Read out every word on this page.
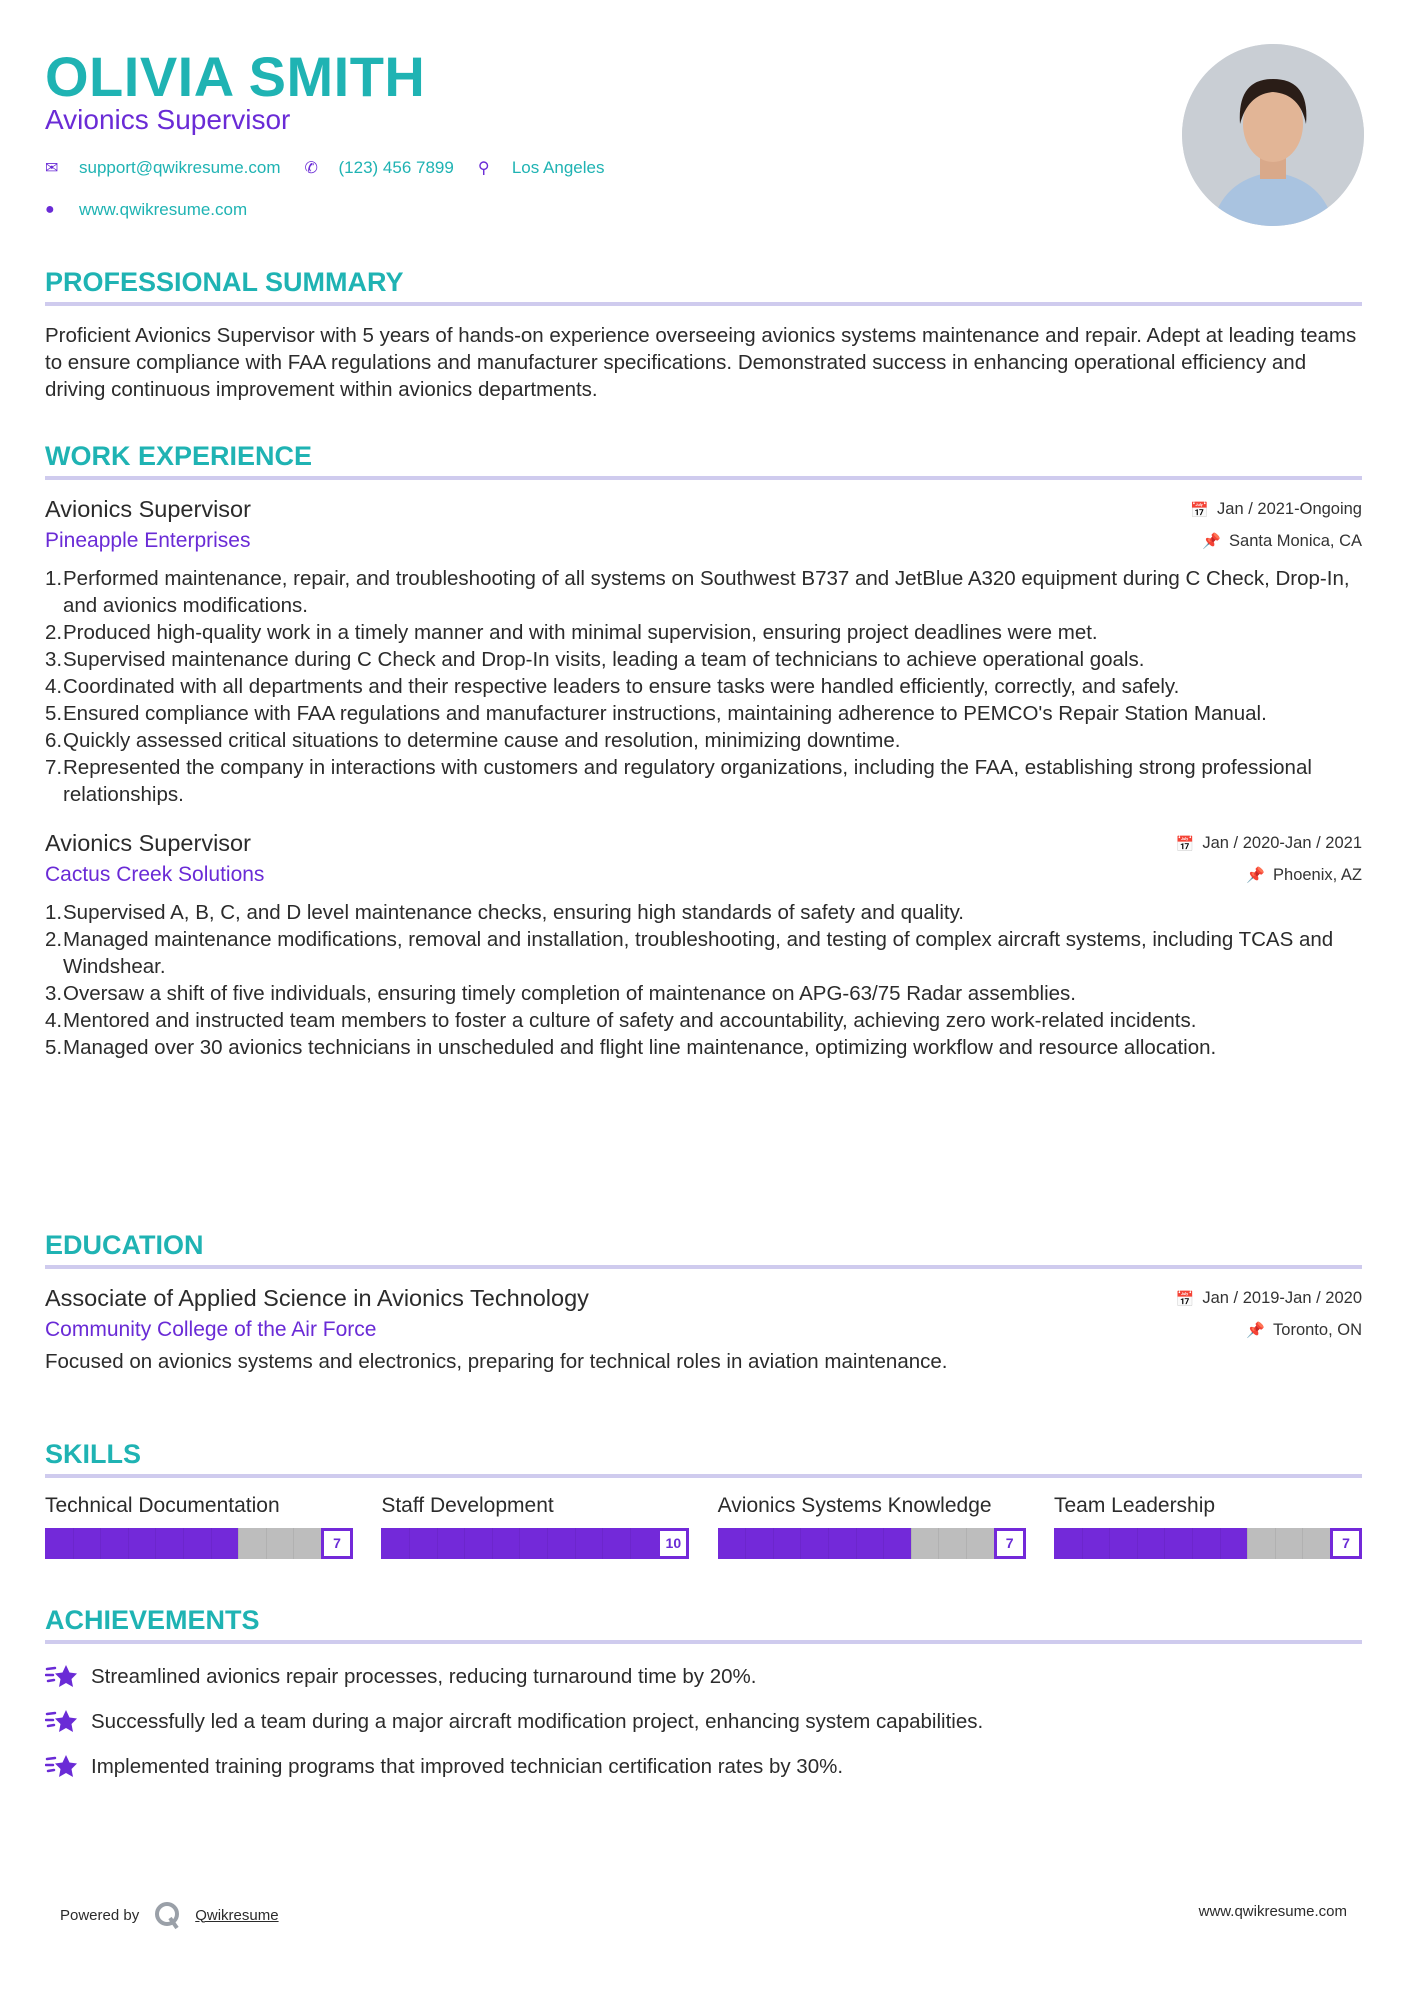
OLIVIA SMITH
Avionics Supervisor
✉	support@qwikresume.com ✆	(123) 456 7899 ⚲	Los Angeles
●	www.qwikresume.com
PROFESSIONAL SUMMARY

Proficient Avionics Supervisor with 5 years of hands-on experience overseeing avionics systems maintenance and repair. Adept at leading teams to ensure compliance with FAA regulations and manufacturer specifications. Demonstrated success in enhancing operational efficiency and driving continuous improvement within avionics departments.

WORK EXPERIENCE
Avionics Supervisor	📅 Jan / 2021-Ongoing
Pineapple Enterprises	📌 Santa Monica, CA
1. Performed maintenance, repair, and troubleshooting of all systems on Southwest B737 and JetBlue A320 equipment during C Check, Drop-In, and avionics modifications.
2. Produced high-quality work in a timely manner and with minimal supervision, ensuring project deadlines were met.
3. Supervised maintenance during C Check and Drop-In visits, leading a team of technicians to achieve operational goals.
4. Coordinated with all departments and their respective leaders to ensure tasks were handled efficiently, correctly, and safely.
5. Ensured compliance with FAA regulations and manufacturer instructions, maintaining adherence to PEMCO's Repair Station Manual.
6. Quickly assessed critical situations to determine cause and resolution, minimizing downtime.
7. Represented the company in interactions with customers and regulatory organizations, including the FAA, establishing strong professional relationships.
Avionics Supervisor	📅 Jan / 2020-Jan / 2021
Cactus Creek Solutions	📌 Phoenix, AZ
1. Supervised A, B, C, and D level maintenance checks, ensuring high standards of safety and quality.
2. Managed maintenance modifications, removal and installation, troubleshooting, and testing of complex aircraft systems, including TCAS and Windshear.
3. Oversaw a shift of five individuals, ensuring timely completion of maintenance on APG-63/75 Radar assemblies.
4. Mentored and instructed team members to foster a culture of safety and accountability, achieving zero work-related incidents.
5. Managed over 30 avionics technicians in unscheduled and flight line maintenance, optimizing workflow and resource allocation.
EDUCATION
Associate of Applied Science in Avionics Technology	📅 Jan / 2019-Jan / 2020
Community College of the Air Force	📌 Toronto, ON

Focused on avionics systems and electronics, preparing for technical roles in aviation maintenance.

SKILLS
Technical Documentation
7
Staff Development
10
Avionics Systems Knowledge
7
Team Leadership
7
ACHIEVEMENTS
Streamlined avionics repair processes, reducing turnaround time by 20%.
Successfully led a team during a major aircraft modification project, enhancing system capabilities.
Implemented training programs that improved technician certification rates by 30%.
Powered by	Qwikresume	www.qwikresume.com
